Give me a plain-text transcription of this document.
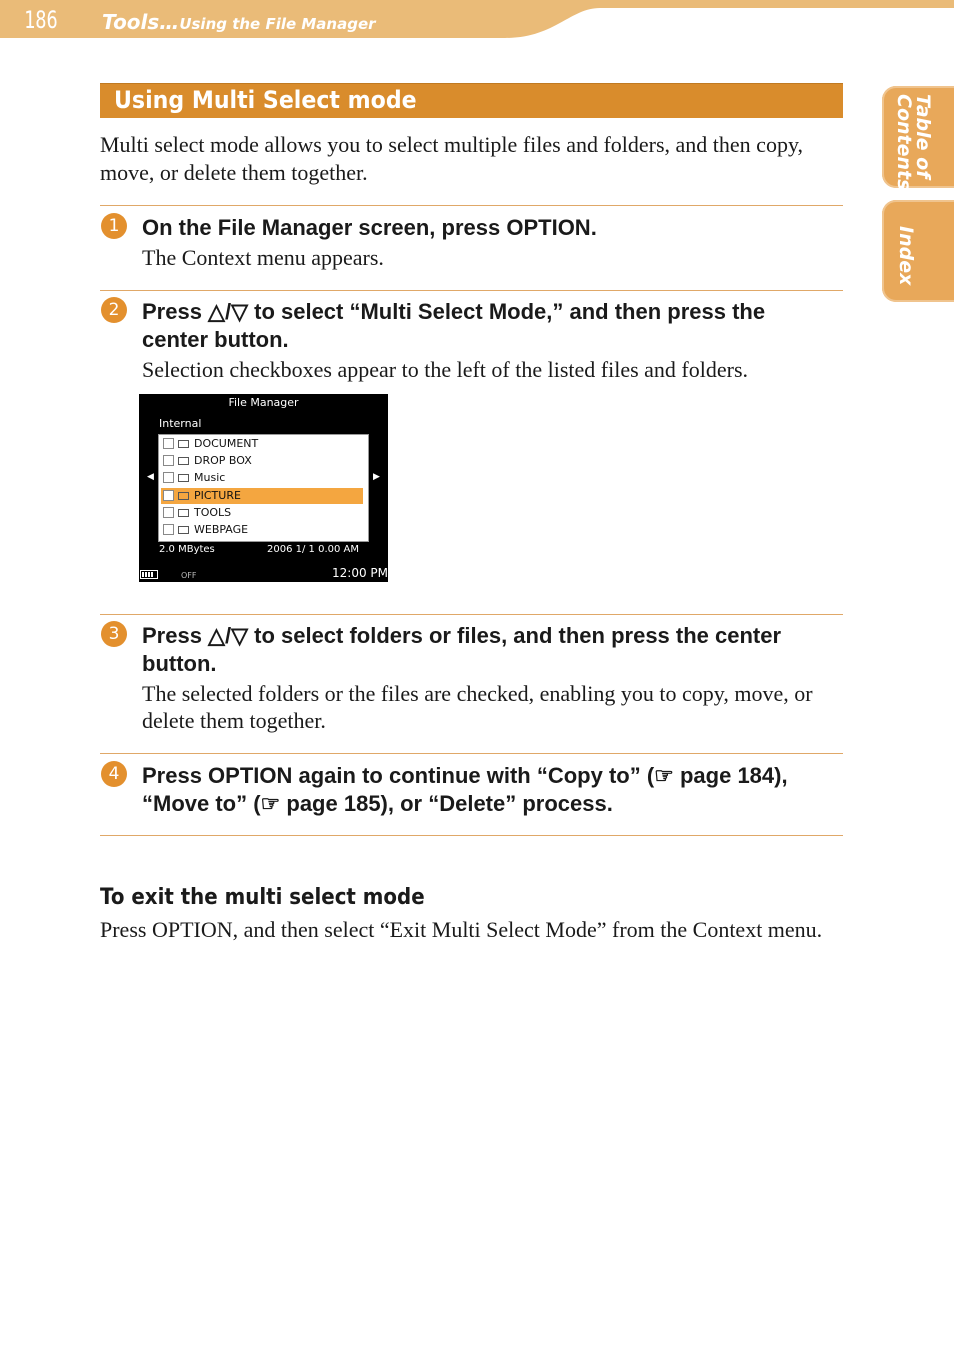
186 Tools…Using the File Manager
Table of
Contents
Index
Using Multi Select mode
Multi select mode allows you to select multiple files and folders, and then copy, move, or delete them together.
1	On the File Manager screen, press OPTION.
The Context menu appears.
2	Press △/▽ to select “Multi Select Mode,” and then press the center button.
Selection checkboxes appear to the left of the listed files and folders.
File Manager
Internal
◀	▶
DOCUMENT
DROP BOX
Music
PICTURE
TOOLS
WEBPAGE
2.0 MBytes	2006 1/ 1 0.00 AM
OFF	12:00 PM
3	Press △/▽ to select folders or files, and then press the center button.
The selected folders or the files are checked, enabling you to copy, move, or delete them together.
4	Press OPTION again to continue with “Copy to” (☞ page 184), “Move to” (☞ page 185), or “Delete” process.
To exit the multi select mode
Press OPTION, and then select “Exit Multi Select Mode” from the Context menu.
